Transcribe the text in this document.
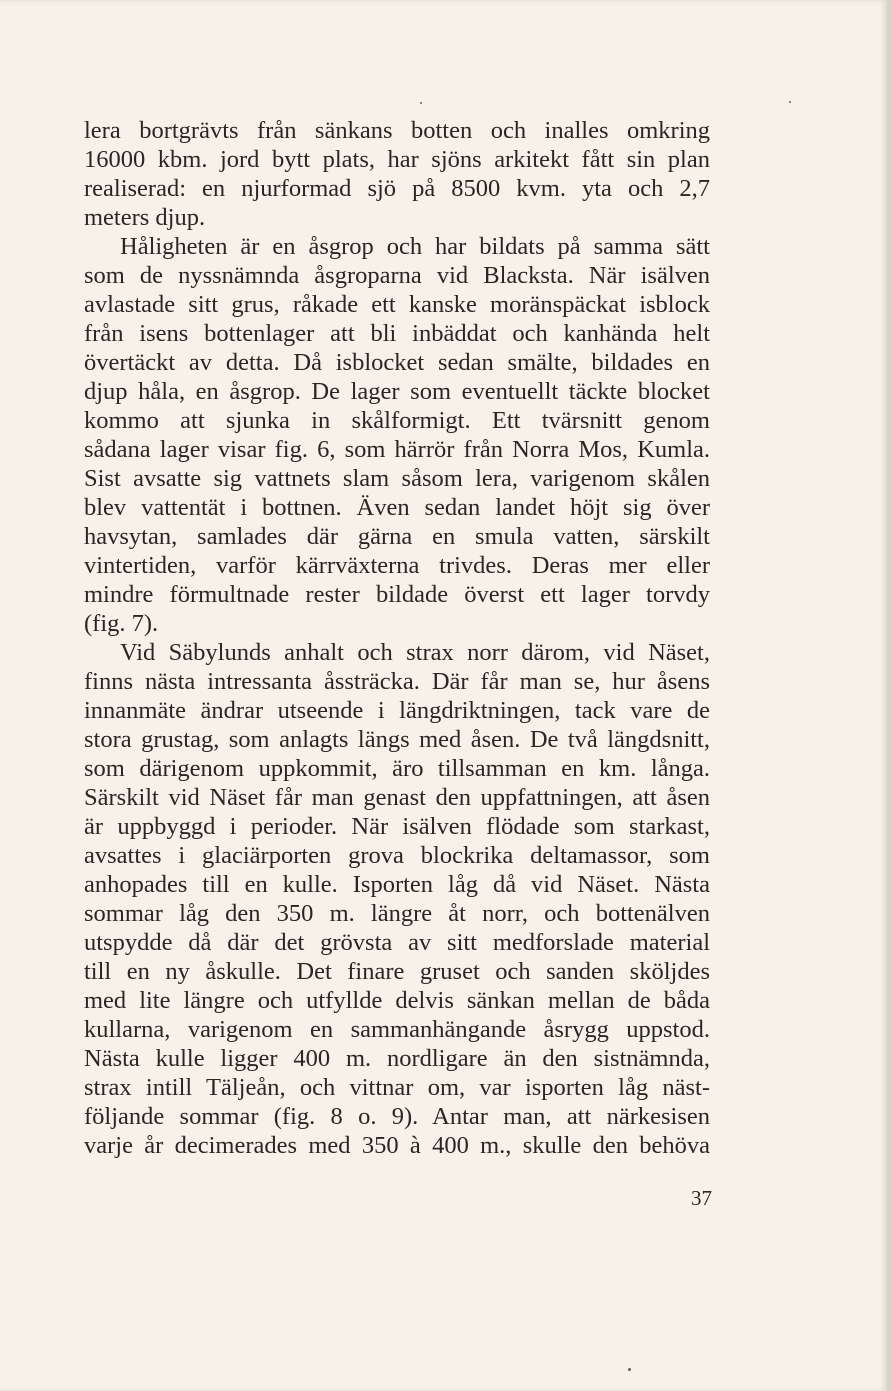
lera bortgrävts från sänkans botten och inalles omkring
16000 kbm. jord bytt plats, har sjöns arkitekt fått sin plan
realiserad: en njurformad sjö på 8500 kvm. yta och 2,7
meters djup.
Håligheten är en åsgrop och har bildats på samma sätt
som de nyssnämnda åsgroparna vid Blacksta. När isälven
avlastade sitt grus, råkade ett kanske moränspäckat isblock
från isens bottenlager att bli inbäddat och kanhända helt
övertäckt av detta. Då isblocket sedan smälte, bildades en
djup håla, en åsgrop. De lager som eventuellt täckte blocket
kommo att sjunka in skålformigt. Ett tvärsnitt genom
sådana lager visar fig. 6, som härrör från Norra Mos, Kumla.
Sist avsatte sig vattnets slam såsom lera, varigenom skålen
blev vattentät i bottnen. Även sedan landet höjt sig över
havsytan, samlades där gärna en smula vatten, särskilt
vintertiden, varför kärrväxterna trivdes. Deras mer eller
mindre förmultnade rester bildade överst ett lager torvdy
(fig. 7).
Vid Säbylunds anhalt och strax norr därom, vid Näset,
finns nästa intressanta åssträcka. Där får man se, hur åsens
innanmäte ändrar utseende i längdriktningen, tack vare de
stora grustag, som anlagts längs med åsen. De två längdsnitt,
som därigenom uppkommit, äro tillsamman en km. långa.
Särskilt vid Näset får man genast den uppfattningen, att åsen
är uppbyggd i perioder. När isälven flödade som starkast,
avsattes i glaciärporten grova blockrika deltamassor, som
anhopades till en kulle. Isporten låg då vid Näset. Nästa
sommar låg den 350 m. längre åt norr, och bottenälven
utspydde då där det grövsta av sitt medforslade material
till en ny åskulle. Det finare gruset och sanden sköljdes
med lite längre och utfyllde delvis sänkan mellan de båda
kullarna, varigenom en sammanhängande åsrygg uppstod.
Nästa kulle ligger 400 m. nordligare än den sistnämnda,
strax intill Täljeån, och vittnar om, var isporten låg näst-
följande sommar (fig. 8 o. 9). Antar man, att närkesisen
varje år decimerades med 350 à 400 m., skulle den behöva
37
